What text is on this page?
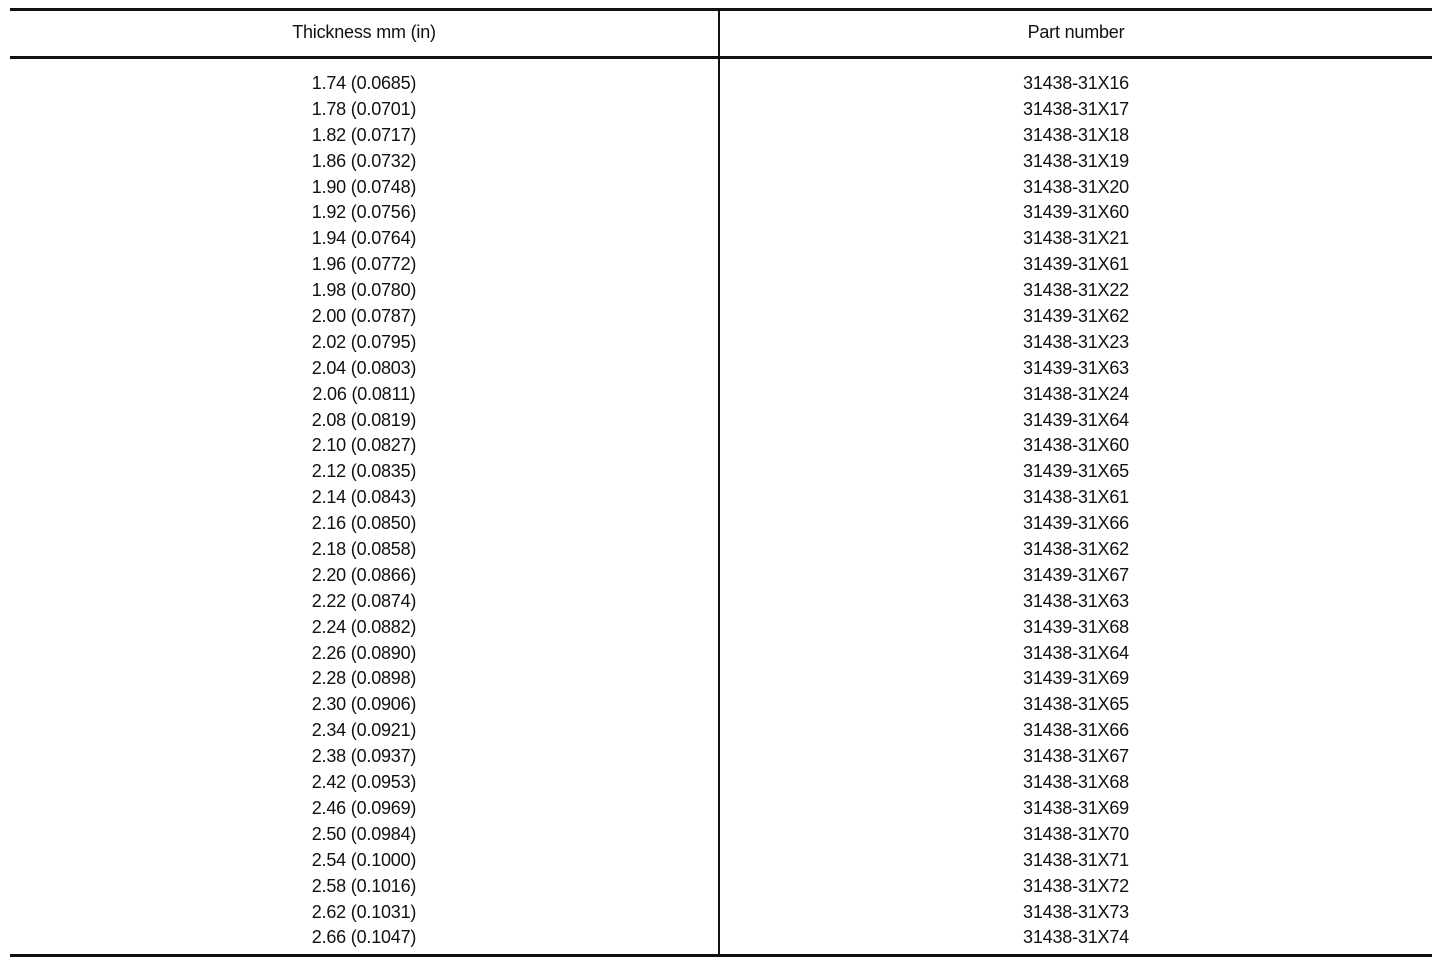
Thickness mm (in)	Part number
1.74 (0.0685)
1.78 (0.0701)
1.82 (0.0717)
1.86 (0.0732)
1.90 (0.0748)
1.92 (0.0756)
1.94 (0.0764)
1.96 (0.0772)
1.98 (0.0780)
2.00 (0.0787)
2.02 (0.0795)
2.04 (0.0803)
2.06 (0.0811)
2.08 (0.0819)
2.10 (0.0827)
2.12 (0.0835)
2.14 (0.0843)
2.16 (0.0850)
2.18 (0.0858)
2.20 (0.0866)
2.22 (0.0874)
2.24 (0.0882)
2.26 (0.0890)
2.28 (0.0898)
2.30 (0.0906)
2.34 (0.0921)
2.38 (0.0937)
2.42 (0.0953)
2.46 (0.0969)
2.50 (0.0984)
2.54 (0.1000)
2.58 (0.1016)
2.62 (0.1031)
2.66 (0.1047)
31438-31X16
31438-31X17
31438-31X18
31438-31X19
31438-31X20
31439-31X60
31438-31X21
31439-31X61
31438-31X22
31439-31X62
31438-31X23
31439-31X63
31438-31X24
31439-31X64
31438-31X60
31439-31X65
31438-31X61
31439-31X66
31438-31X62
31439-31X67
31438-31X63
31439-31X68
31438-31X64
31439-31X69
31438-31X65
31438-31X66
31438-31X67
31438-31X68
31438-31X69
31438-31X70
31438-31X71
31438-31X72
31438-31X73
31438-31X74
